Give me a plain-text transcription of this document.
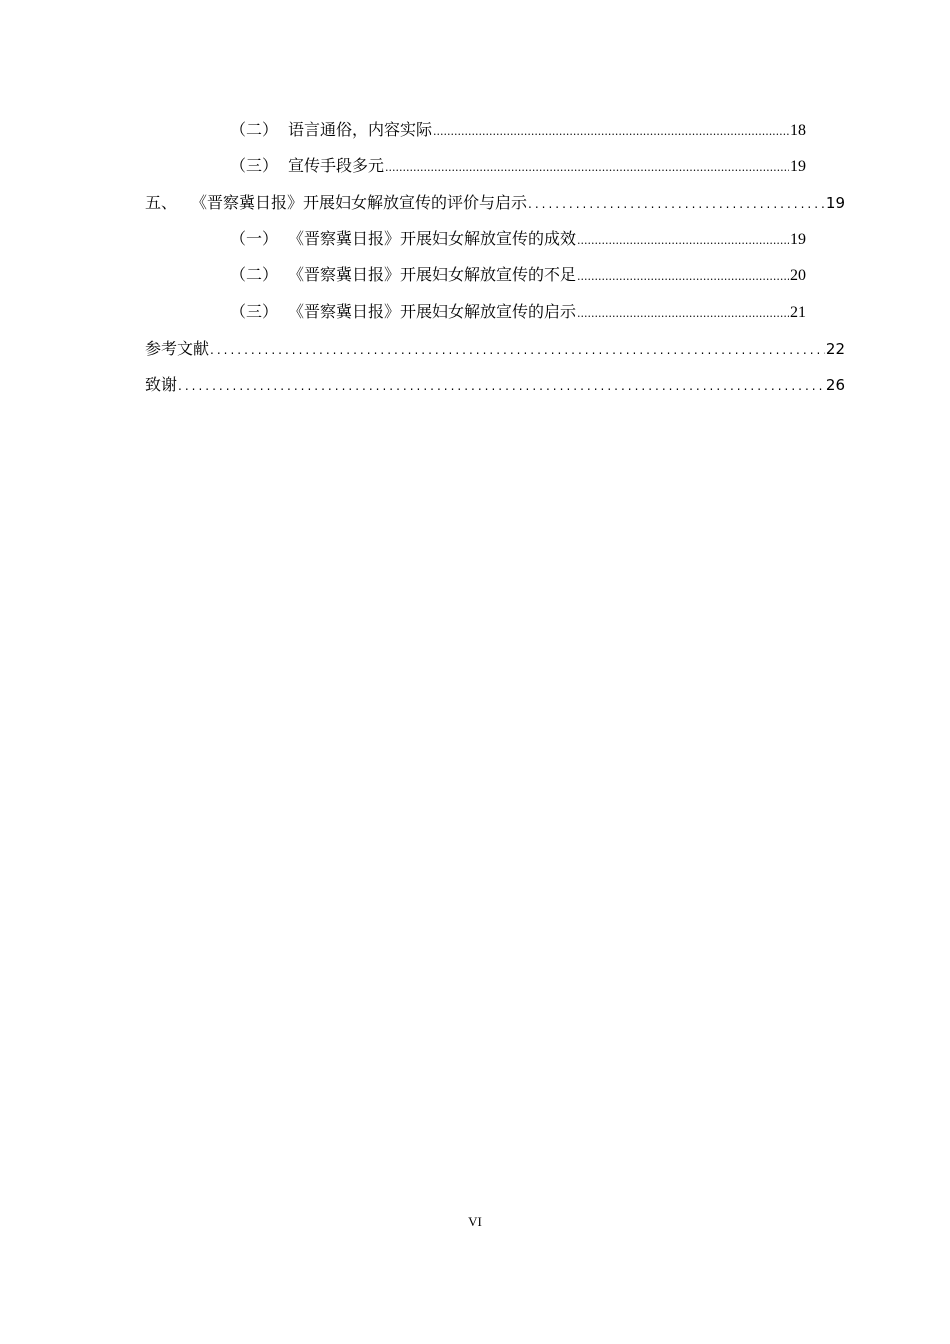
（二） 语言通俗，内容实际 .....	18
（三） 宣传手段多元 .....	19
五、 《晋察冀日报》开展妇女解放宣传的评价与启示 .....	19
（一） 《晋察冀日报》开展妇女解放宣传的成效 .....	19
（二） 《晋察冀日报》开展妇女解放宣传的不足 .....	20
（三） 《晋察冀日报》开展妇女解放宣传的启示 .....	21
参考文献 .....	22
致谢 .....	26
VI
